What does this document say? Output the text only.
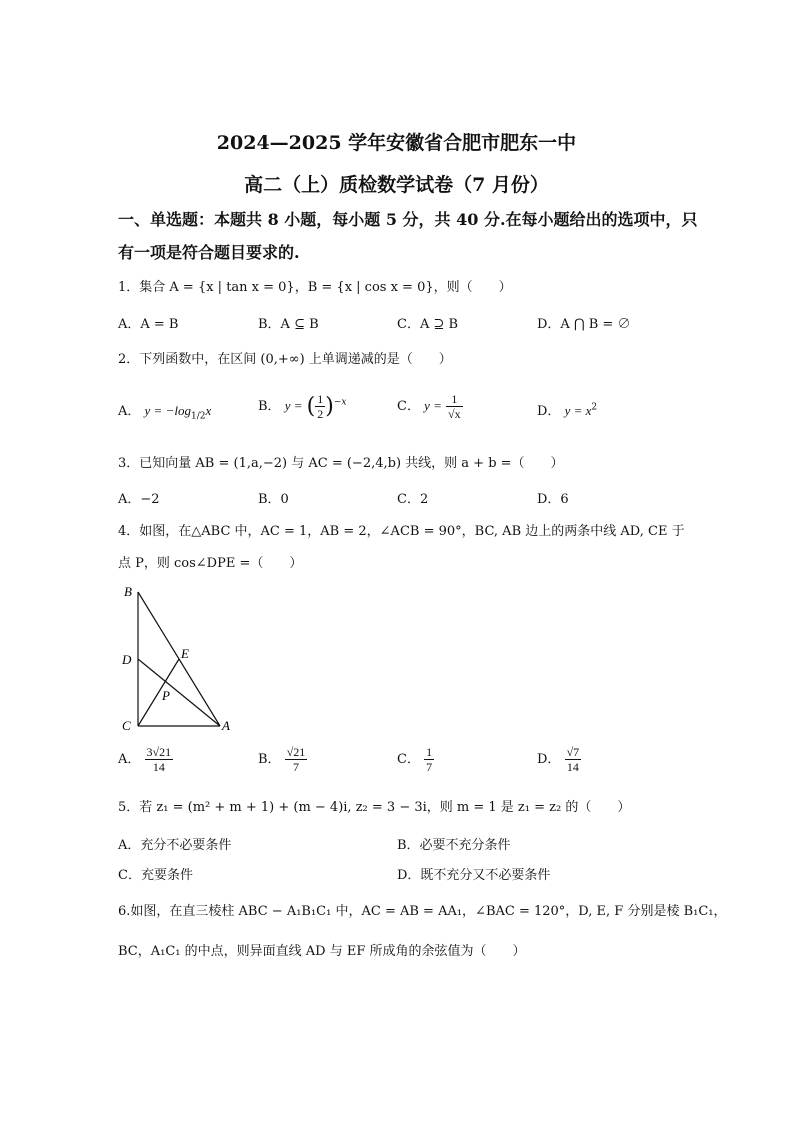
2024—2025 学年安徽省合肥市肥东一中
高二（上）质检数学试卷（7 月份）
一、单选题：本题共 8 小题，每小题 5 分，共 40 分.在每小题给出的选项中，只
有一项是符合题目要求的.
1．集合 A = {x | tan x = 0}，B = {x | cos x = 0}，则（　　）
A．A = B	B．A ⊆ B	C．A ⊇ B	D．A ⋂ B = ∅
2．下列函数中，在区间 (0,+∞) 上单调递减的是（　　）
A． $y = -\log_{1/2}x$	B． y = ( $\frac{1}{2} )^{-x}$	C． $y = \frac{1}{√x}$	D． $y = x^2$
3．已知向量 AB = (1,a,−2) 与 AC = (−2,4,b) 共线，则 a + b =（　　）
A．−2	B．0	C．2	D．6
4．如图，在△ABC 中，AC = 1，AB = 2，∠ACB = 90°，BC, AB 边上的两条中线 AD, CE 于
点 P，则 cos∠DPE =（　　）
B
D	E
P
C	A
A． $\frac{3√21}{14}$	B． $\frac{√21}{7}$	C． $\frac{1}{7}$	D． $\frac{√7}{14}$
5．若 z₁ = (m² + m + 1) + (m − 4)i, z₂ = 3 − 3i，则 m = 1 是 z₁ = z₂ 的（　　）
A．充分不必要条件	B．必要不充分条件
C．充要条件	D．既不充分又不必要条件
6.如图，在直三棱柱 ABC − A₁B₁C₁ 中，AC = AB = AA₁，∠BAC = 120°，D, E, F 分别是棱 B₁C₁，
BC，A₁C₁ 的中点，则异面直线 AD 与 EF 所成角的余弦值为（　　）
